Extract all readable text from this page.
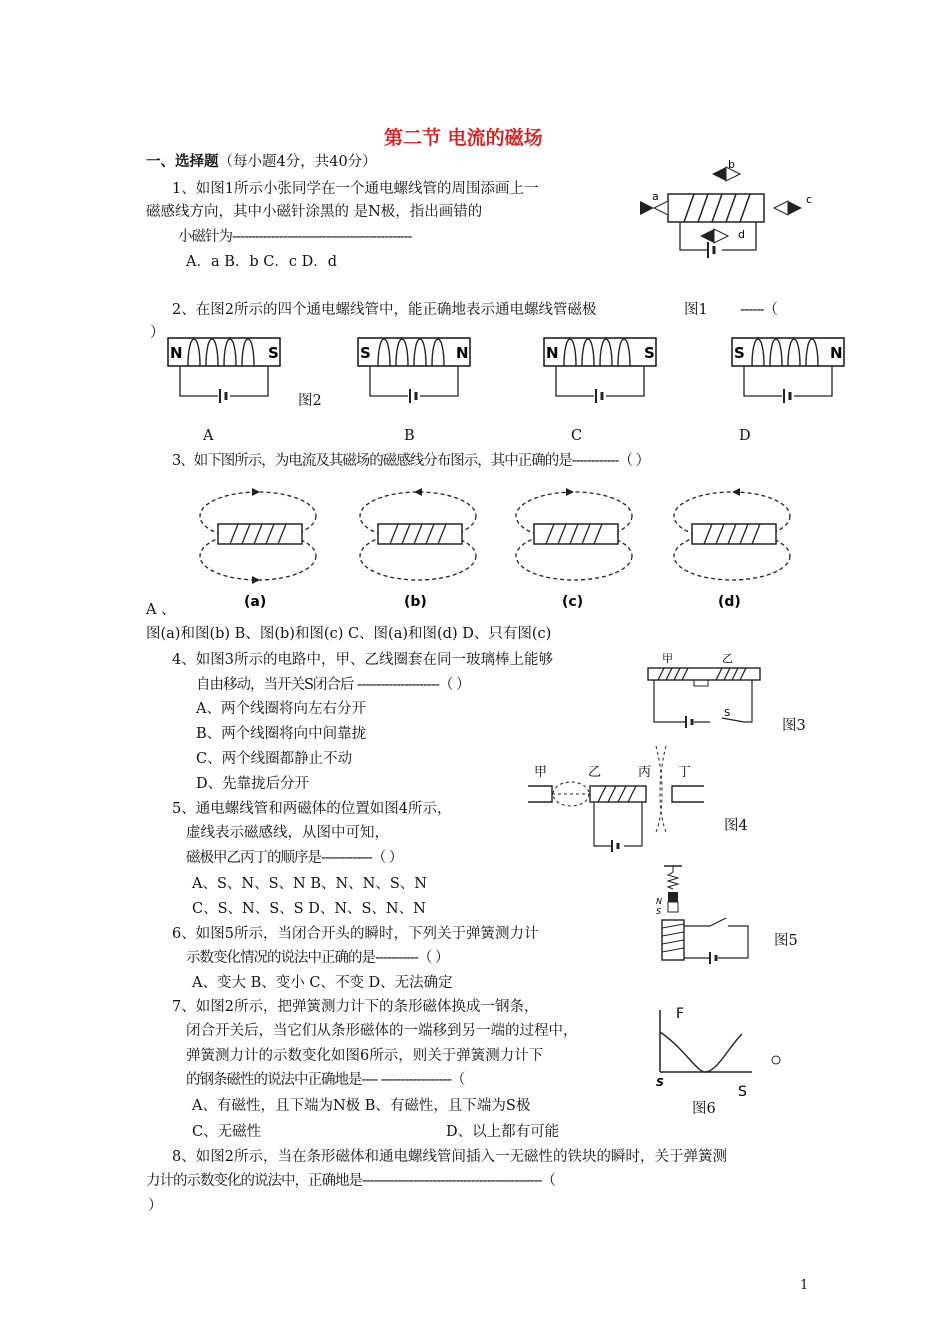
第二节 电流的磁场
一、选择题（每小题4分，共40分）
1、如图1所示小张同学在一个通电螺线管的周围添画上一
磁感线方向，其中小磁针涂黑的 是N极，指出画错的
小磁针为----------------------------------------------
A．a B．b C．c D．d
a
b
c
d
2、在图2所示的四个通电螺线管中，能正确地表示通电螺线管磁极	图1 ------（
）
N	S	S	N	N	S	S	N
图2
A	B	C	D
3、如下图所示，为电流及其磁场的磁感线分布图示，其中正确的是------------（ ）
(a)	(b)	(c)	(d)
A 、
图(a)和图(b) B、图(b)和图(c) C、图(a)和图(d) D、只有图(c)
4、如图3所示的电路中，甲、乙线圈套在同一玻璃棒上能够
自由移动，当开关S闭合后 ---------------------（ ）
A、两个线圈将向左右分开
B、两个线圈将向中间靠拢
C、两个线圈都静止不动
D、先靠拢后分开
甲	乙
S
图3
5、通电螺线管和两磁体的位置如图4所示，
虚线表示磁感线，从图中可知，
磁极甲乙丙丁的顺序是-------------（ ）
A、S、N、S、N B、N、N、S、N
C、S、N、S、S D、N、S、N、N
甲	乙	丙 丁
图4
6、如图5所示，当闭合开头的瞬时，下列关于弹簧测力计
示数变化情况的说法中正确的是-----------（ ）
A、变大 B、变小 C、不变 D、无法确定
N
S
图5
7、如图2所示，把弹簧测力计下的条形磁体换成一钢条，
闭合开关后，当它们从条形磁体的一端移到另一端的过程中，
弹簧测力计的示数变化如图6所示，则关于弹簧测力计下
的钢条磁性的说法中正确地是---- ------------------（
A、有磁性，且下端为N极 B、有磁性，且下端为S极
C、无磁性	D、以上都有可能
F
S
S
图6
8、如图2所示，当在条形磁体和通电螺线管间插入一无磁性的铁块的瞬时，关于弹簧测
力计的示数变化的说法中，正确地是----------------------------------------------（
）
1
